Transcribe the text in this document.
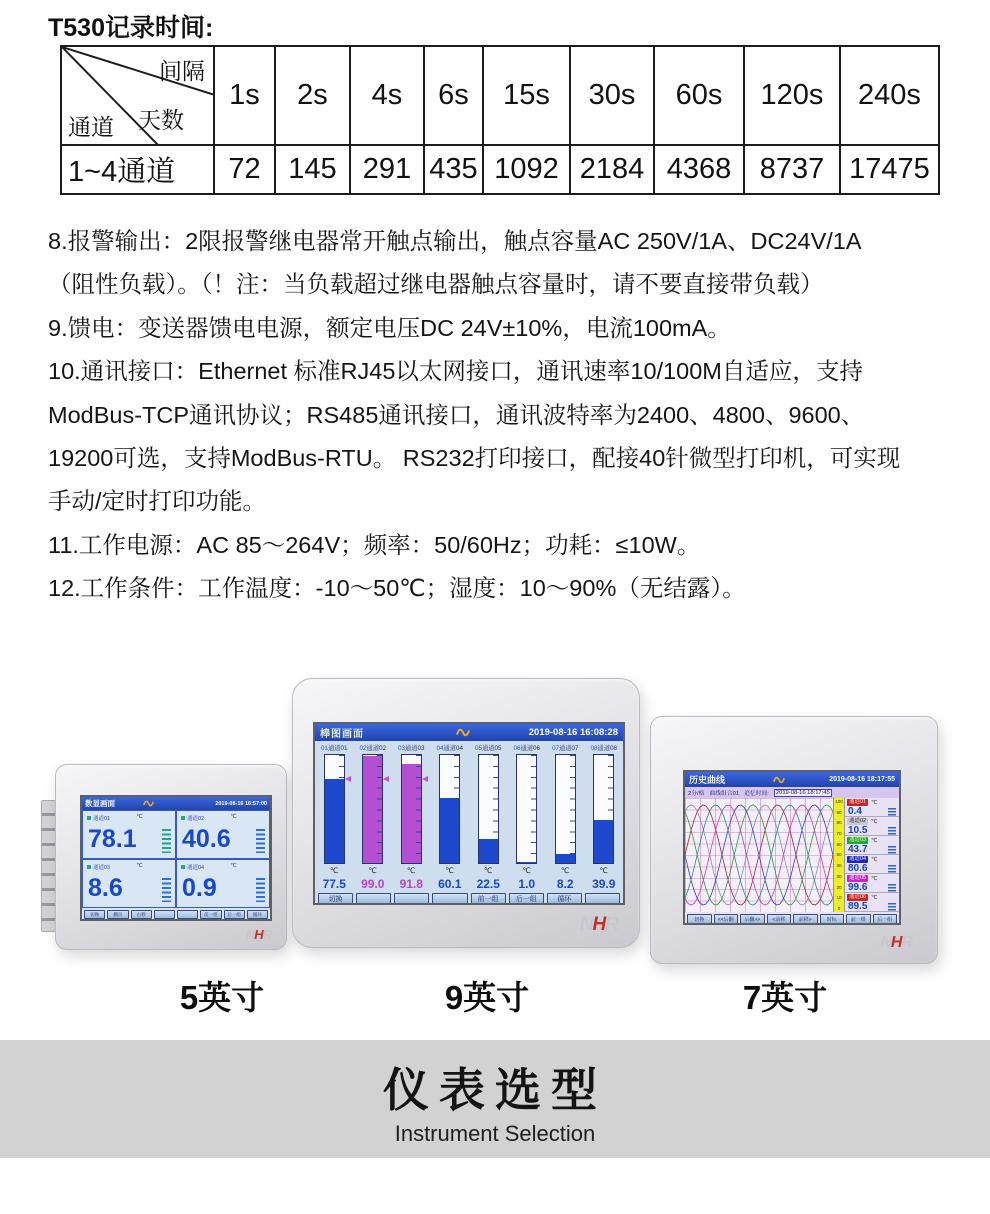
T530记录时间:
间隔
天数
通道	1s	2s	4s	6s	15s	30s	60s	120s	240s
1~4通道	72	145	291	435	1092	2184	4368	8737	17475
8.报警输出：2限报警继电器常开触点输出，触点容量AC 250V/1A、DC24V/1A
（阻性负载）。（！注：当负载超过继电器触点容量时，请不要直接带负载）
9.馈电：变送器馈电电源，额定电压DC 24V±10%，电流100mA。
10.通讯接口：Ethernet 标准RJ45以太网接口，通讯速率10/100M自适应，支持
ModBus-TCP通讯协议；RS485通讯接口，通讯波特率为2400、4800、9600、
19200可选，支持ModBus-RTU。 RS232打印接口，配接40针微型打印机，可实现
手动/定时打印功能。
11.工作电源：AC 85～264V；频率：50/60Hz；功耗：≤10W。
12.工作条件：工作温度：-10～50℃；湿度：10～90%（无结露）。
数显画面	2019-08-16 16:57:00
通道01	℃
78.1
通道02	℃
40.6
通道03	℃
8.6
通道04	℃
0.9
切换	翻页	右移	前一组	后一组	循环
NHR
棒图画面	2019-08-16 16:08:28
01通道01	02通道02	03通道03	04通道04	05通道05	06通道06	07通道07	08通道08
℃	℃	℃	℃	℃	℃	℃	℃
77.5	99.0	91.8	60.1	22.5	1.0	8.2	39.9
切换	前一组	后一组	循环
NHR
历史曲线	2019-08-16 18:17:55
2分/格 曲线组合01 追忆时间:	2019-08-16 18:17:45
100
90
80
70
60
50
40
30
20
10
0
通道01 ℃
0.4
通道02 ℃
10.5
通道03 ℃
43.7
通道04 ℃
80.6
通道05 ℃
99.6
通道06 ℃
89.5
切换	<<后翻	后翻>>	<前移	前移>	时标	前一组	后一组
NHR
5英寸	9英寸	7英寸
仪表选型
Instrument Selection
